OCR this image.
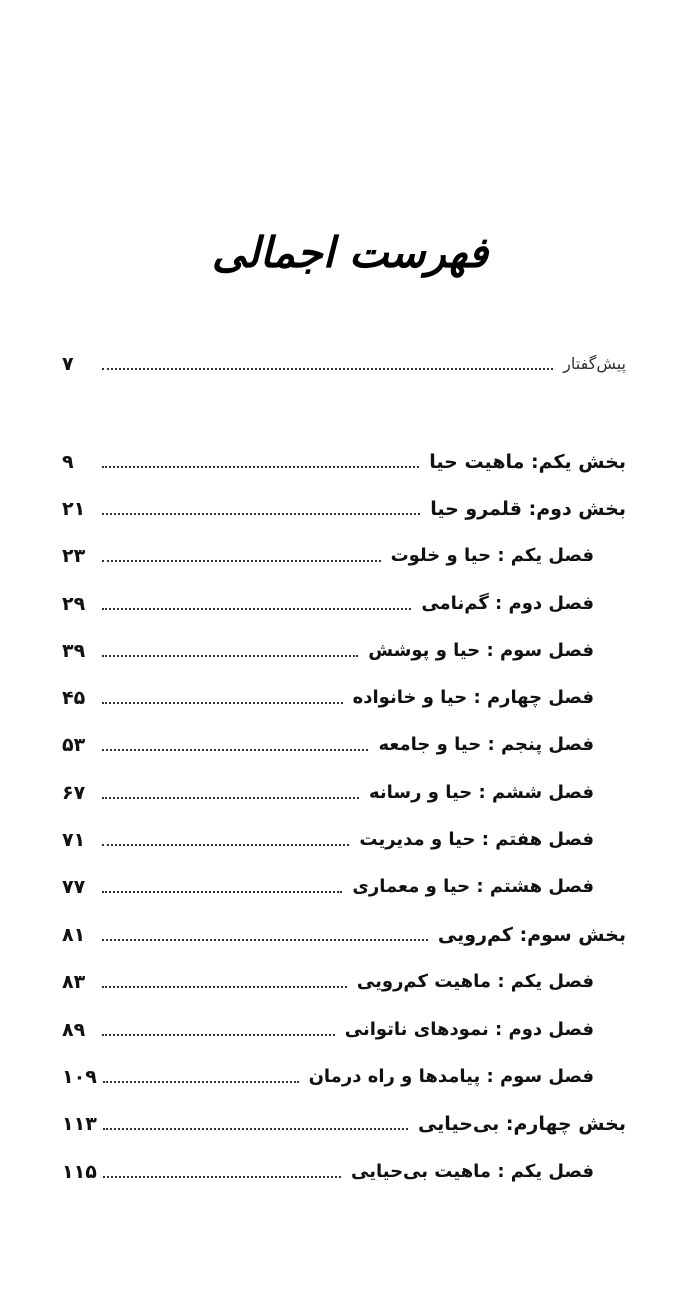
فهرست اجمالی
پیش‌گفتار
۷
بخش یکم: ماهیت حیا
۹
بخش دوم: قلمرو حیا
۲۱
فصل یکم : حیا و خلوت
۲۳
فصل دوم : گم‌نامی
۲۹
فصل سوم : حیا و پوشش
۳۹
فصل چهارم : حیا و خانواده
۴۵
فصل پنجم : حیا و جامعه
۵۳
فصل ششم : حیا و رسانه
۶۷
فصل هفتم : حیا و مدیریت
۷۱
فصل هشتم : حیا و معماری
۷۷
بخش سوم: کم‌رویی
۸۱
فصل یکم : ماهیت کم‌رویی
۸۳
فصل دوم : نمودهای ناتوانی
۸۹
فصل سوم : پیامدها و راه درمان
۱۰۹
بخش چهارم: بی‌حیایی
۱۱۳
فصل یکم : ماهیت بی‌حیایی
۱۱۵
